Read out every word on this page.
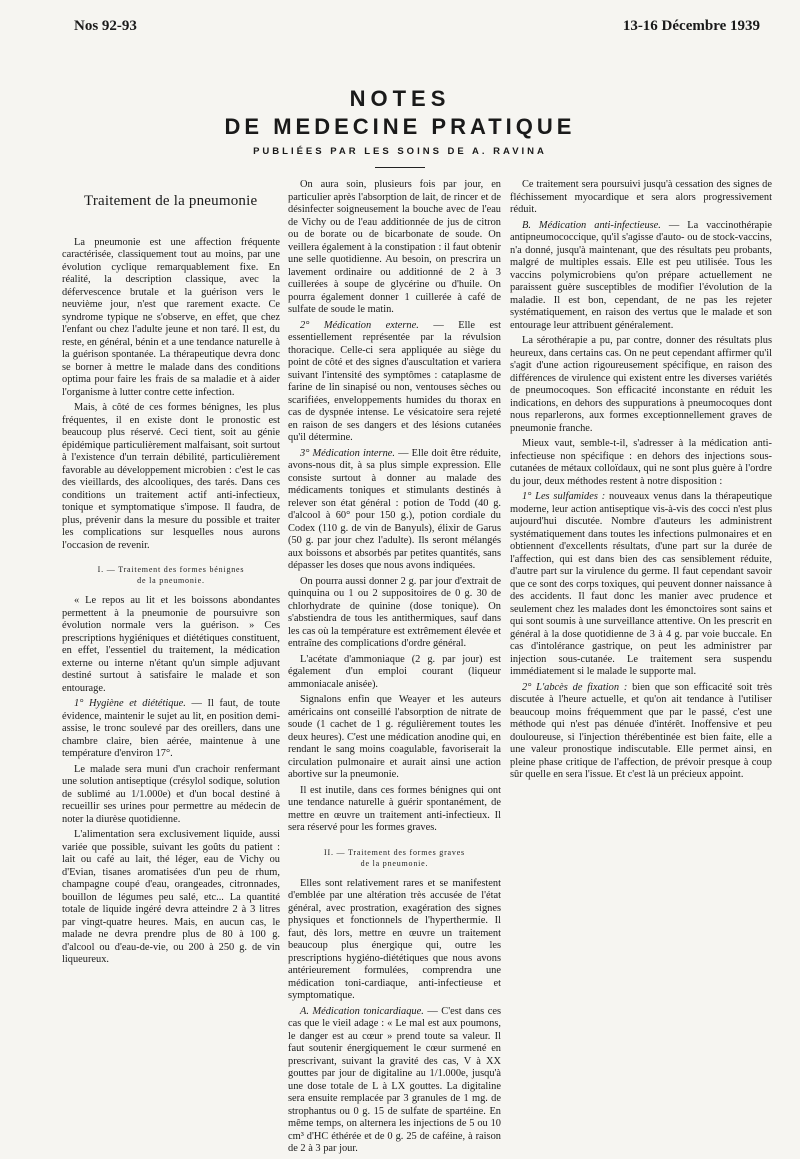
Nos 92-93	13-16 Décembre 1939
NOTES
DE MEDECINE PRATIQUE
PUBLIÉES PAR LES SOINS DE A. RAVINA
Traitement de la pneumonie

La pneumonie est une affection fréquente caractérisée, classiquement tout au moins, par une évolution cyclique remarquablement fixe. En réalité, la description classique, avec la défervescence brutale et la guérison vers le neuvième jour, n'est que rarement exacte. Ce syndrome typique ne s'observe, en effet, que chez l'enfant ou chez l'adulte jeune et non taré. Il est, du reste, en général, bénin et a une tendance naturelle à la guérison spontanée. La thérapeutique devra donc se borner à mettre le malade dans des conditions optima pour faire les frais de sa maladie et à aider l'organisme à lutter contre cette infection.

Mais, à côté de ces formes bénignes, les plus fréquentes, il en existe dont le pronostic est beaucoup plus réservé. Ceci tient, soit au génie épidémique particulièrement malfaisant, soit surtout à l'existence d'un terrain débilité, particulièrement favorable au développement microbien : c'est le cas des vieillards, des alcooliques, des tarés. Dans ces conditions un traitement actif anti-infectieux, tonique et symptomatique s'impose. Il faudra, de plus, prévenir dans la mesure du possible et traiter les complications sur lesquelles nous aurons l'occasion de revenir.

I. — Traitement des formes bénignes
de la pneumonie.

« Le repos au lit et les boissons abondantes permettent à la pneumonie de poursuivre son évolution normale vers la guérison. » Ces prescriptions hygiéniques et diététiques constituent, en effet, l'essentiel du traitement, la médication externe ou interne n'étant qu'un simple adjuvant destiné surtout à satisfaire le malade et son entourage.

1° Hygiène et diététique. — Il faut, de toute évidence, maintenir le sujet au lit, en position demi-assise, le tronc soulevé par des oreillers, dans une chambre claire, bien aérée, maintenue à une température d'environ 17°.

Le malade sera muni d'un crachoir renfermant une solution antiseptique (crésylol sodique, solution de sublimé au 1/1.000e) et d'un bocal destiné à recueillir ses urines pour permettre au médecin de noter la diurèse quotidienne.

L'alimentation sera exclusivement liquide, aussi variée que possible, suivant les goûts du patient : lait ou café au lait, thé léger, eau de Vichy ou d'Evian, tisanes aromatisées d'un peu de rhum, champagne coupé d'eau, orangeades, citronnades, bouillon de légumes peu salé, etc... La quantité totale de liquide ingéré devra atteindre 2 à 3 litres par vingt-quatre heures. Mais, en aucun cas, le malade ne devra prendre plus de 80 à 100 g. d'alcool ou d'eau-de-vie, ou 200 à 250 g. de vin liqueureux.

On aura soin, plusieurs fois par jour, en particulier après l'absorption de lait, de rincer et de désinfecter soigneusement la bouche avec de l'eau de Vichy ou de l'eau additionnée de jus de citron ou de borate ou de bicarbonate de soude. On veillera également à la constipation : il faut obtenir une selle quotidienne. Au besoin, on prescrira un lavement ordinaire ou additionné de 2 à 3 cuillerées à soupe de glycérine ou d'huile. On pourra également donner 1 cuillerée à café de sulfate de soude le matin.

2° Médication externe. — Elle est essentiellement représentée par la révulsion thoracique. Celle-ci sera appliquée au siège du point de côté et des signes d'auscultation et variera suivant l'intensité des symptômes : cataplasme de farine de lin sinapisé ou non, ventouses sèches ou scarifiées, enveloppements humides du thorax en cas de dyspnée intense. Le vésicatoire sera rejeté en raison de ses dangers et des lésions cutanées qu'il détermine.

3° Médication interne. — Elle doit être réduite, avons-nous dit, à sa plus simple expression. Elle consiste surtout à donner au malade des médicaments toniques et stimulants destinés à relever son état général : potion de Todd (40 g. d'alcool à 60° pour 150 g.), potion cordiale du Codex (110 g. de vin de Banyuls), élixir de Garus (50 g. par jour chez l'adulte). Ils seront mélangés aux boissons et absorbés par petites quantités, sans dépasser les doses que nous avons indiquées.

On pourra aussi donner 2 g. par jour d'extrait de quinquina ou 1 ou 2 suppositoires de 0 g. 30 de chlorhydrate de quinine (dose tonique). On s'abstiendra de tous les antithermiques, sauf dans les cas où la température est extrêmement élevée et entraîne des complications d'ordre général.

L'acétate d'ammoniaque (2 g. par jour) est également d'un emploi courant (liqueur ammoniacale anisée).

Signalons enfin que Weayer et les auteurs américains ont conseillé l'absorption de nitrate de soude (1 cachet de 1 g. régulièrement toutes les deux heures). C'est une médication anodine qui, en rendant le sang moins coagulable, favoriserait la circulation pulmonaire et aurait ainsi une action abortive sur la pneumonie.

Il est inutile, dans ces formes bénignes qui ont une tendance naturelle à guérir spontanément, de mettre en œuvre un traitement anti-infectieux. Il sera réservé pour les formes graves.

II. — Traitement des formes graves
de la pneumonie.

Elles sont relativement rares et se manifestent d'emblée par une altération très accusée de l'état général, avec prostration, exagération des signes physiques et fonctionnels de l'hyperthermie. Il faut, dès lors, mettre en œuvre un traitement beaucoup plus énergique qui, outre les prescriptions hygiéno-diététiques que nous avons antérieurement formulées, comprendra une médication toni-cardiaque, anti-infectieuse et symptomatique.

A. Médication tonicardiaque. — C'est dans ces cas que le vieil adage : « Le mal est aux poumons, le danger est au cœur » prend toute sa valeur. Il faut soutenir énergiquement le cœur surmené en prescrivant, suivant la gravité des cas, V à XX gouttes par jour de digitaline au 1/1.000e, jusqu'à une dose totale de L à LX gouttes. La digitaline sera ensuite remplacée par 3 granules de 1 mg. de strophantus ou 0 g. 15 de sulfate de spartéine. En même temps, on alternera les injections de 5 ou 10 cm³ d'HC éthérée et de 0 g. 25 de caféine, à raison de 2 à 3 par jour.

Ce traitement sera poursuivi jusqu'à cessation des signes de fléchissement myocardique et sera alors progressivement réduit.

B. Médication anti-infectieuse. — La vaccinothérapie antipneumococcique, qu'il s'agisse d'auto- ou de stock-vaccins, n'a donné, jusqu'à maintenant, que des résultats peu probants, malgré de multiples essais. Elle est peu utilisée. Tous les vaccins polymicrobiens qu'on prépare actuellement ne paraissent guère susceptibles de modifier l'évolution de la maladie. Il est bon, cependant, de ne pas les rejeter systématiquement, en raison des vertus que le malade et son entourage leur attribuent généralement.

La sérothérapie a pu, par contre, donner des résultats plus heureux, dans certains cas. On ne peut cependant affirmer qu'il s'agit d'une action rigoureusement spécifique, en raison des différences de virulence qui existent entre les diverses variétés de pneumocoques. Son efficacité inconstante en réduit les indications, en dehors des suppurations à pneumocoques dont nous reparlerons, aux formes exceptionnellement graves de pneumonie franche.

Mieux vaut, semble-t-il, s'adresser à la médication anti-infectieuse non spécifique : en dehors des injections sous-cutanées de métaux colloïdaux, qui ne sont plus guère à l'ordre du jour, deux méthodes restent à notre disposition :

1° Les sulfamides : nouveaux venus dans la thérapeutique moderne, leur action antiseptique vis-à-vis des cocci n'est plus aujourd'hui discutée. Nombre d'auteurs les administrent systématiquement dans toutes les infections pulmonaires et en obtiennent d'excellents résultats, d'une part sur la durée de l'affection, qui est dans bien des cas sensiblement réduite, d'autre part sur la virulence du germe. Il faut cependant savoir que ce sont des corps toxiques, qui peuvent donner naissance à des accidents. Il faut donc les manier avec prudence et seulement chez les malades dont les émonctoires sont sains et qui sont soumis à une surveillance attentive. On les prescrit en général à la dose quotidienne de 3 à 4 g. par voie buccale. En cas d'intolérance gastrique, on peut les administrer par injection sous-cutanée. Le traitement sera suspendu immédiatement si le malade le supporte mal.

2° L'abcès de fixation : bien que son efficacité soit très discutée à l'heure actuelle, et qu'on ait tendance à l'utiliser beaucoup moins fréquemment que par le passé, c'est une méthode qui n'est pas dénuée d'intérêt. Inoffensive et peu douloureuse, si l'injection thérébentinée est bien faite, elle a une valeur pronostique indiscutable. Elle permet ainsi, en pleine phase critique de l'affection, de prévoir presque à coup sûr quelle en sera l'issue. Et c'est là un précieux appoint.
